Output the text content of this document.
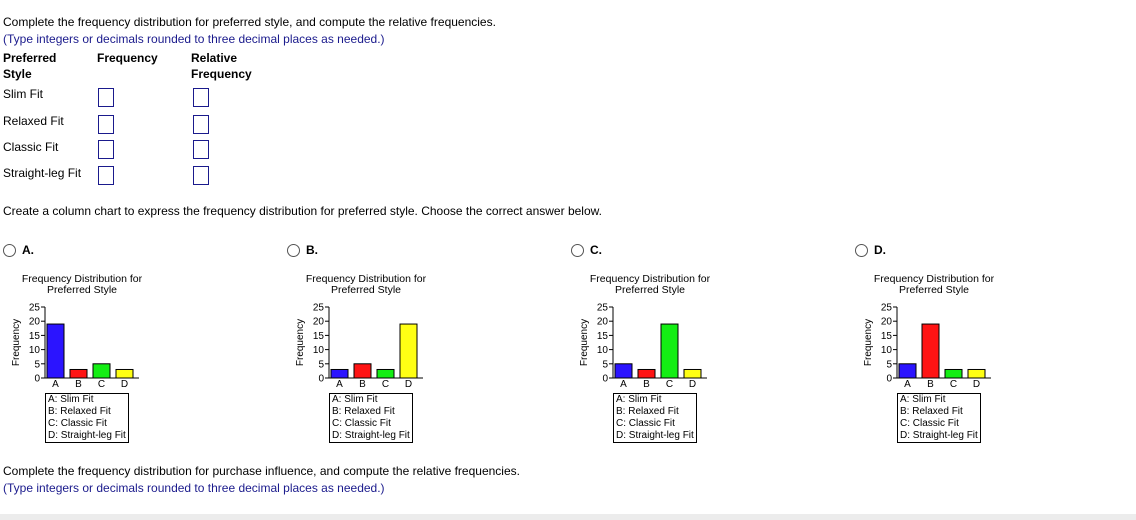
Complete the frequency distribution for preferred style, and compute the relative frequencies.
(Type integers or decimals rounded to three decimal places as needed.)
Preferred
Style
Frequency	Relative
Frequency
Slim Fit
Relaxed Fit
Classic Fit
Straight-leg Fit
Create a column chart to express the frequency distribution for preferred style. Choose the correct answer below.
A.
Frequency Distribution for
Preferred Style
Frequency
0
5
10
15
20
25
A B C D
A: Slim Fit
B: Relaxed Fit
C: Classic Fit
D: Straight-leg Fit
B.
Frequency Distribution for
Preferred Style
Frequency
0
5
10
15
20
25
A B C D
A: Slim Fit
B: Relaxed Fit
C: Classic Fit
D: Straight-leg Fit
C.
Frequency Distribution for
Preferred Style
Frequency
0
5
10
15
20
25
A B C D
A: Slim Fit
B: Relaxed Fit
C: Classic Fit
D: Straight-leg Fit
D.
Frequency Distribution for
Preferred Style
Frequency
0
5
10
15
20
25
A B C D
A: Slim Fit
B: Relaxed Fit
C: Classic Fit
D: Straight-leg Fit
Complete the frequency distribution for purchase influence, and compute the relative frequencies.
(Type integers or decimals rounded to three decimal places as needed.)
